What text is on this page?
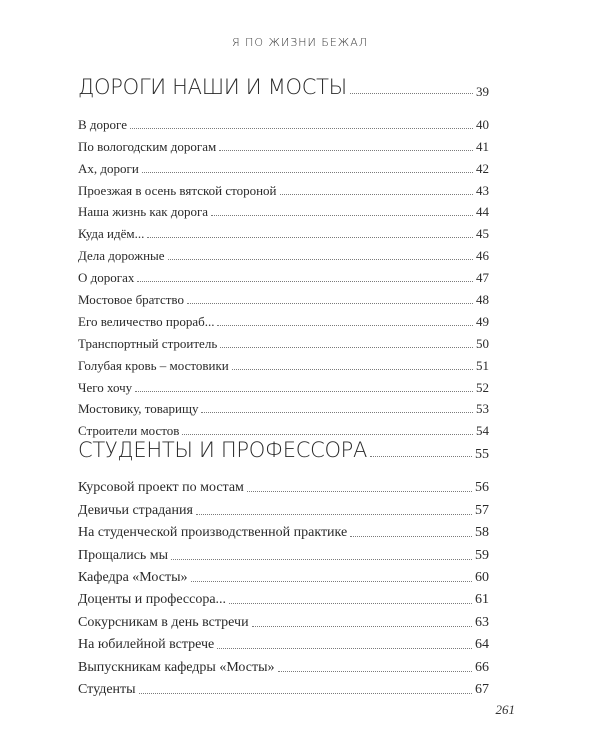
Я ПО ЖИЗНИ БЕЖАЛ
ДОРОГИ НАШИ И МОСТЫ	39
В дороге	40
По вологодским дорогам	41
Ах, дороги	42
Проезжая в осень вятской стороной	43
Наша жизнь как дорога	44
Куда идём...	45
Дела дорожные	46
О дорогах	47
Мостовое братство	48
Его величество прораб...	49
Транспортный строитель	50
Голубая кровь – мостовики	51
Чего хочу	52
Мостовику, товарищу	53
Строители мостов	54
СТУДЕНТЫ И ПРОФЕССОРА	55
Курсовой проект по мостам	56
Девичьи страдания	57
На студенческой производственной практике	58
Прощались мы	59
Кафедра «Мосты»	60
Доценты и профессора...	61
Сокурсникам в день встречи	63
На юбилейной встрече	64
Выпускникам кафедры «Мосты»	66
Студенты	67
261
